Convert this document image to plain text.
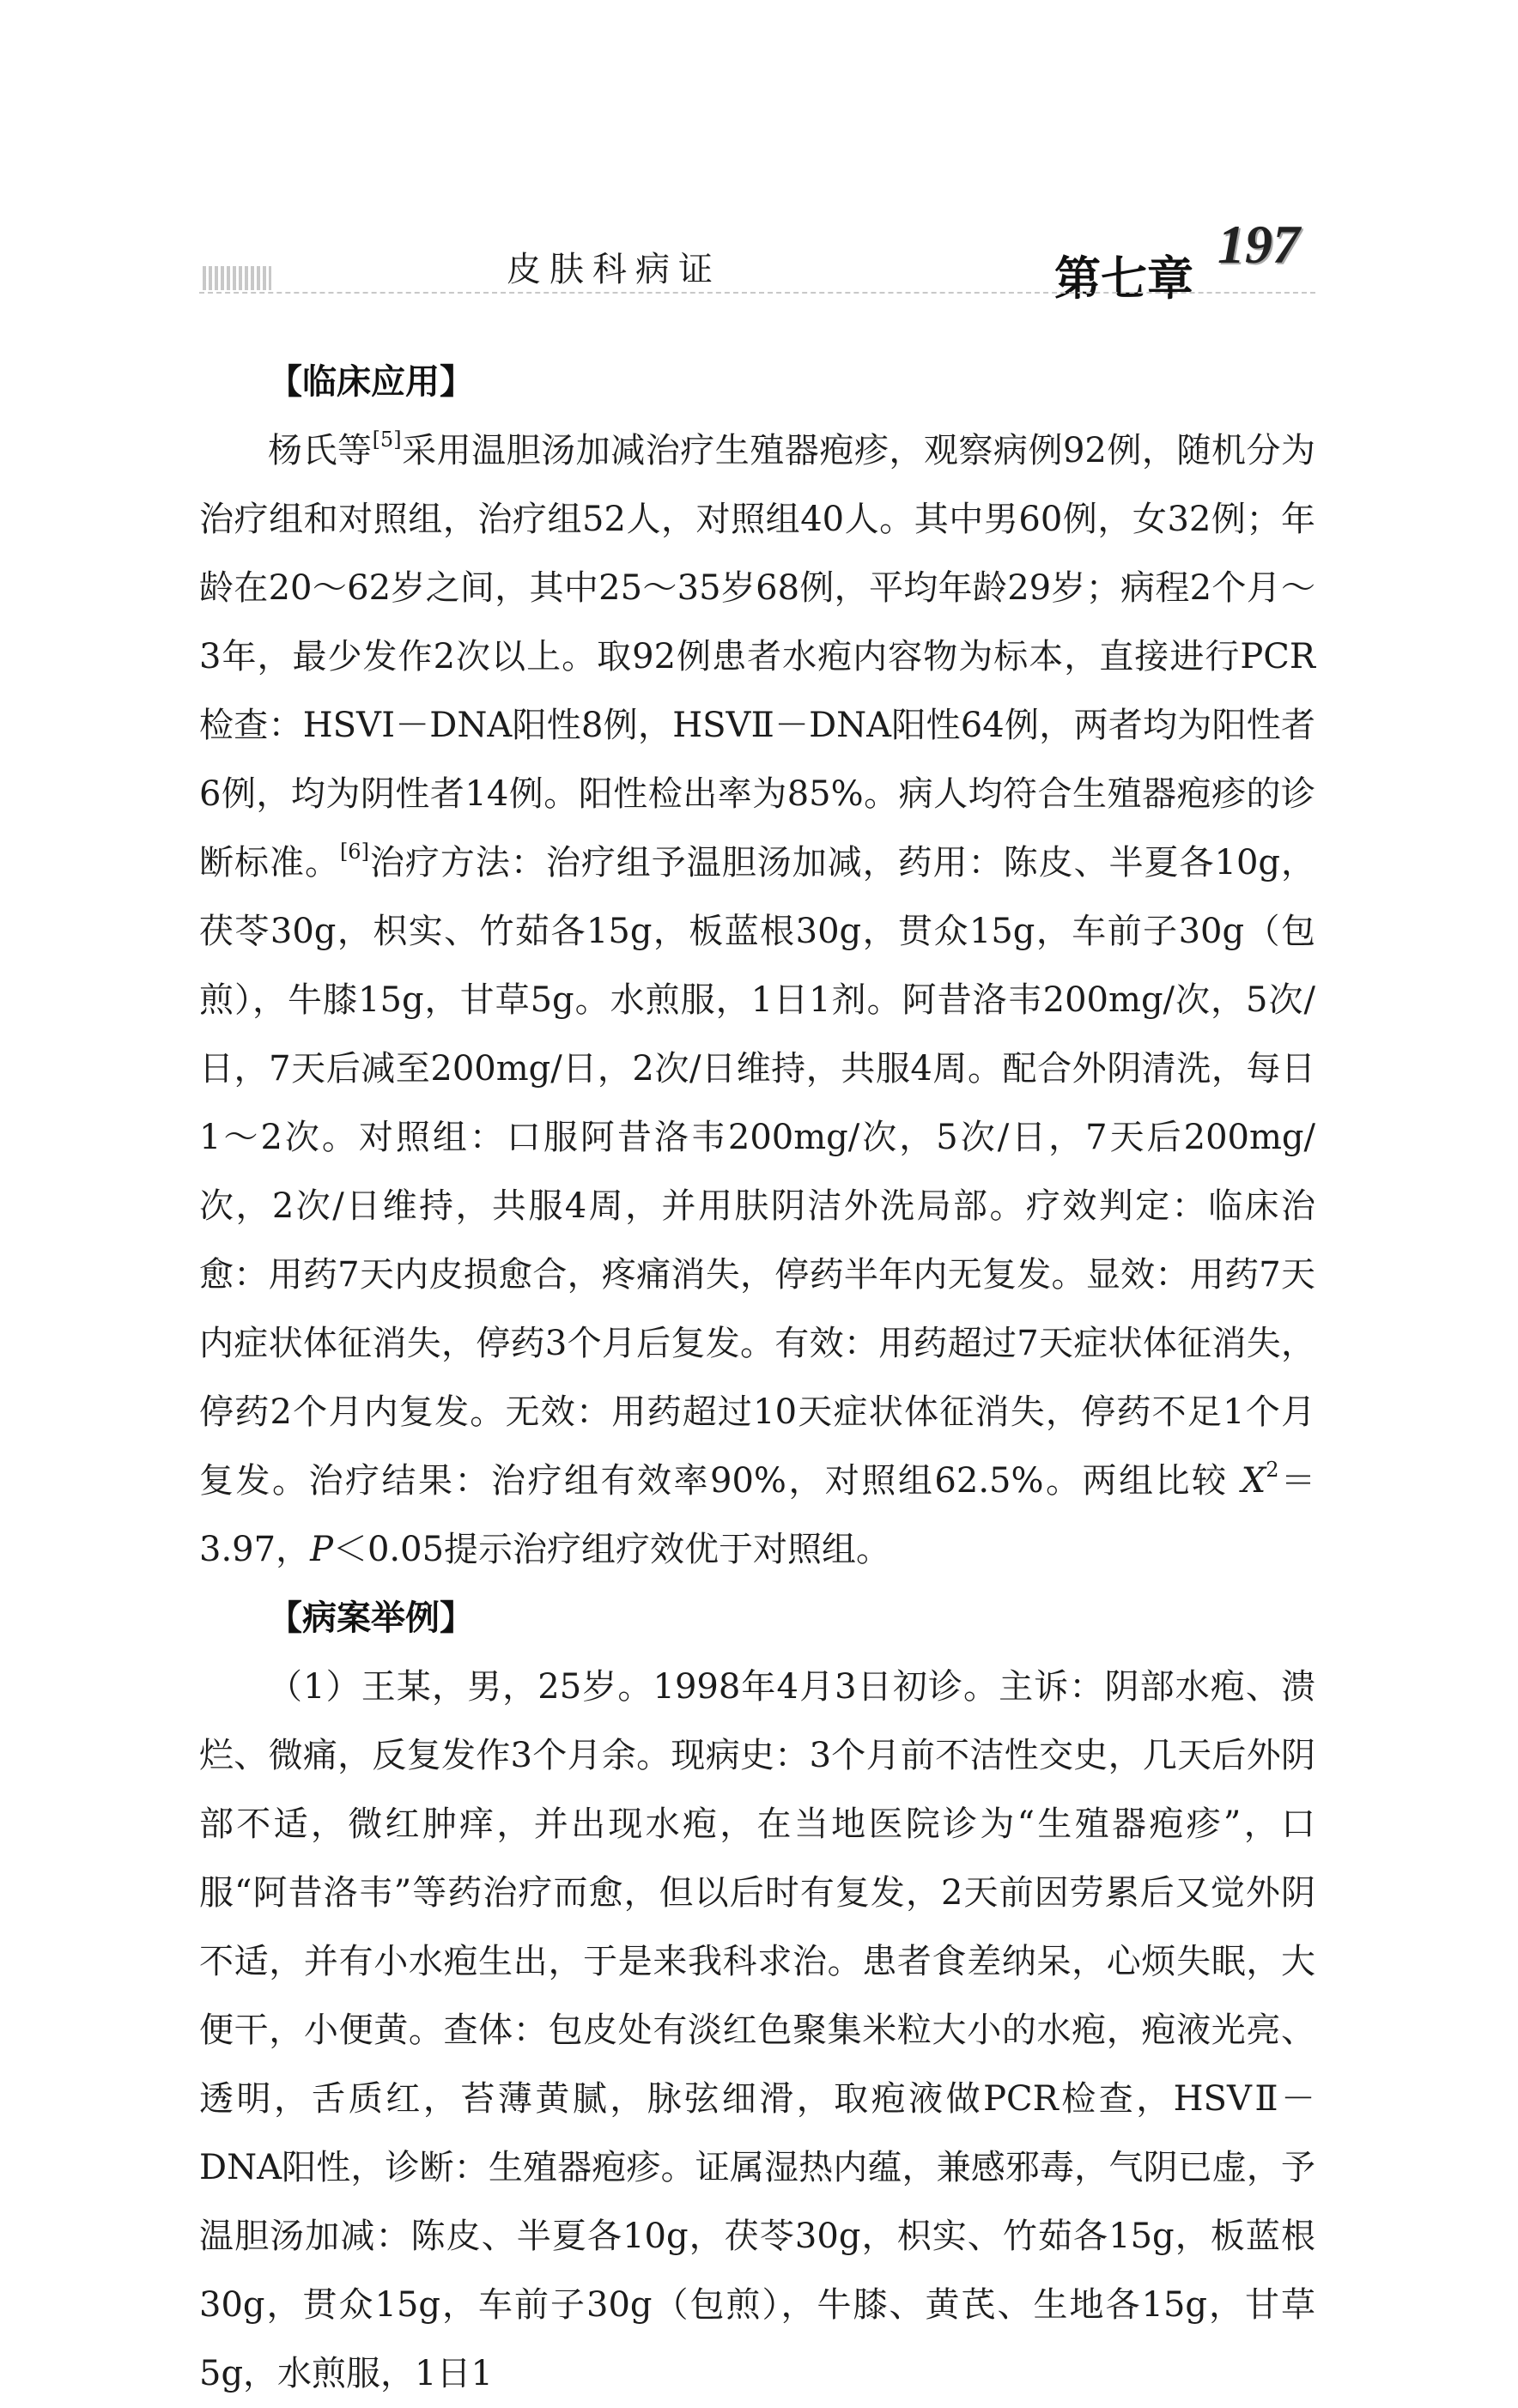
皮肤科病证	第七章
197
【临床应用】

杨氏等[5]采用温胆汤加减治疗生殖器疱疹，观察病例92例，随机分为治疗组和对照组，治疗组52人，对照组40人。其中男60例，女32例；年龄在20～62岁之间，其中25～35岁68例，平均年龄29岁；病程2个月～3年，最少发作2次以上。取92例患者水疱内容物为标本，直接进行PCR检查：HSVⅠ－DNA阳性8例，HSVⅡ－DNA阳性64例，两者均为阳性者6例，均为阴性者14例。阳性检出率为85%。病人均符合生殖器疱疹的诊断标准。[6]治疗方法：治疗组予温胆汤加减，药用：陈皮、半夏各10g，茯苓30g，枳实、竹茹各15g，板蓝根30g，贯众15g，车前子30g（包煎），牛膝15g，甘草5g。水煎服，1日1剂。阿昔洛韦200mg/次，5次/日，7天后减至200mg/日，2次/日维持，共服4周。配合外阴清洗，每日1～2次。对照组：口服阿昔洛韦200mg/次，5次/日，7天后200mg/次，2次/日维持，共服4周，并用肤阴洁外洗局部。疗效判定：临床治愈：用药7天内皮损愈合，疼痛消失，停药半年内无复发。显效：用药7天内症状体征消失，停药3个月后复发。有效：用药超过7天症状体征消失，停药2个月内复发。无效：用药超过10天症状体征消失，停药不足1个月复发。治疗结果：治疗组有效率90%，对照组62.5%。两组比较 $X^2=3.97$，P＜0.05提示治疗组疗效优于对照组。

【病案举例】

（1）王某，男，25岁。1998年4月3日初诊。主诉：阴部水疱、溃烂、微痛，反复发作3个月余。现病史：3个月前不洁性交史，几天后外阴部不适，微红肿痒，并出现水疱，在当地医院诊为“生殖器疱疹”，口服“阿昔洛韦”等药治疗而愈，但以后时有复发，2天前因劳累后又觉外阴不适，并有小水疱生出，于是来我科求治。患者食差纳呆，心烦失眠，大便干，小便黄。查体：包皮处有淡红色聚集米粒大小的水疱，疱液光亮、透明，舌质红，苔薄黄腻，脉弦细滑，取疱液做PCR检查，HSVⅡ－DNA阳性，诊断：生殖器疱疹。证属湿热内蕴，兼感邪毒，气阴已虚，予温胆汤加减：陈皮、半夏各10g，茯苓30g，枳实、竹茹各15g，板蓝根30g，贯众15g，车前子30g（包煎），牛膝、黄芪、生地各15g，甘草5g，水煎服，1日1
